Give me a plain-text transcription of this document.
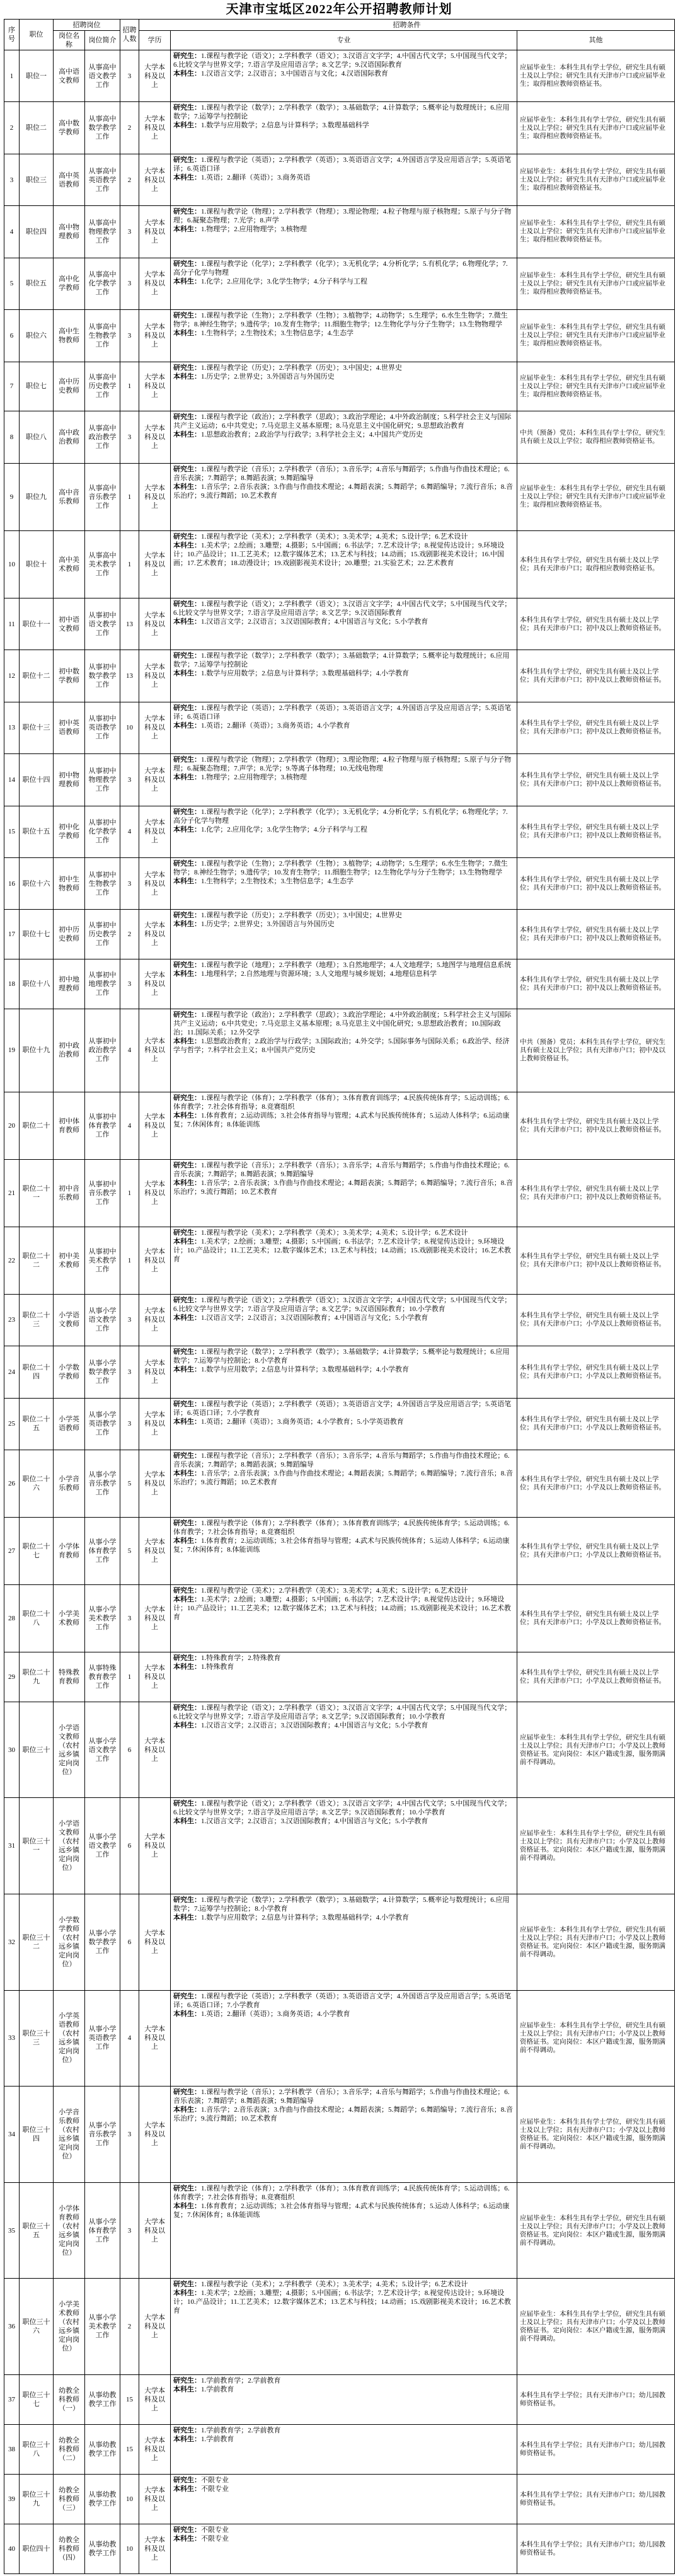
天津市宝坻区2022年公开招聘教师计划
序号	职位	招聘岗位		招聘人数	招聘条件		
		岗位名称	岗位简介		学历	专业	其他
1	职位一	高中语文教师	从事高中语文教学工作	3	大学本科及以上	研究生：1.课程与教学论（语文）；2.学科教学（语文）；3.汉语言文字学；4.中国古代文学；5.中国现当代文学；6.比较文学与世界文学；7.语言学及应用语言学；8.文艺学；9.汉语国际教育
本科生：1.汉语言文学；2.汉语言；3.中国语言与文化；4.汉语国际教育	应届毕业生：本科生具有学士学位，研究生具有硕士及以上学位；研究生具有天津市户口或应届毕业生；取得相应教师资格证书。
2	职位二	高中数学教师	从事高中数学教学工作	2	大学本科及以上	研究生：1.课程与教学论（数学）；2.学科教学（数学）；3.基础数学；4.计算数学；5.概率论与数理统计；6.应用数学；7.运筹学与控制论
本科生：1.数学与应用数学；2.信息与计算科学；3.数理基础科学	应届毕业生：本科生具有学士学位，研究生具有硕士及以上学位；研究生具有天津市户口或应届毕业生；取得相应教师资格证书。
3	职位三	高中英语教师	从事高中英语教学工作	2	大学本科及以上	研究生：1.课程与教学论（英语）；2.学科教学（英语）；3.英语语言文学；4.外国语言学及应用语言学；5.英语笔译；6.英语口译
本科生：1.英语；2.翻译（英语）；3.商务英语	应届毕业生：本科生具有学士学位，研究生具有硕士及以上学位；研究生具有天津市户口或应届毕业生；取得相应教师资格证书。
4	职位四	高中物理教师	从事高中物理教学工作	3	大学本科及以上	研究生：1.课程与教学论（物理）；2.学科教学（物理）；3.理论物理；4.粒子物理与原子核物理；5.原子与分子物理；6.凝聚态物理；7.光学；8.声学
本科生：1.物理学；2.应用物理学；3.核物理	应届毕业生：本科生具有学士学位，研究生具有硕士及以上学位；研究生具有天津市户口或应届毕业生；取得相应教师资格证书。
5	职位五	高中化学教师	从事高中化学教学工作	3	大学本科及以上	研究生：1.课程与教学论（化学）；2.学科教学（化学）；3.无机化学；4.分析化学；5.有机化学；6.物理化学；7.高分子化学与物理
本科生：1.化学；2.应用化学；3.化学生物学；4.分子科学与工程	应届毕业生：本科生具有学士学位，研究生具有硕士及以上学位；研究生具有天津市户口或应届毕业生；取得相应教师资格证书。
6	职位六	高中生物教师	从事高中生物教学工作	3	大学本科及以上	研究生：1.课程与教学论（生物）；2.学科教学（生物）；3.植物学；4.动物学；5.生理学；6.水生生物学；7.微生物学；8.神经生物学；9.遗传学；10.发育生物学；11.细胞生物学；12.生物化学与分子生物学；13.生物物理学
本科生：1.生物科学；2.生物技术；3.生物信息学；4.生态学	应届毕业生：本科生具有学士学位，研究生具有硕士及以上学位；研究生具有天津市户口或应届毕业生；取得相应教师资格证书。
7	职位七	高中历史教师	从事高中历史教学工作	1	大学本科及以上	研究生：1.课程与教学论（历史）；2.学科教学（历史）；3.中国史；4.世界史
本科生：1.历史学；2.世界史；3.外国语言与外国历史	应届毕业生：本科生具有学士学位，研究生具有硕士及以上学位；研究生具有天津市户口或应届毕业生；取得相应教师资格证书。
8	职位八	高中政治教师	从事高中政治教学工作	3	大学本科及以上	研究生：1.课程与教学论（政治）；2.学科教学（思政）；3.政治学理论；4.中外政治制度；5.科学社会主义与国际共产主义运动；6.中共党史；7.马克思主义基本原理；8.马克思主义中国化研究；9.思想政治教育
本科生：1.思想政治教育；2.政治学与行政学；3.科学社会主义；4.中国共产党历史	中共（预备）党员；本科生具有学士学位，研究生具有硕士及以上学位；取得相应教师资格证书。
9	职位九	高中音乐教师	从事高中音乐教学工作	1	大学本科及以上	研究生：1.课程与教学论（音乐）；2.学科教学（音乐）；3.音乐学；4.音乐与舞蹈学；5.作曲与作曲技术理论；6.音乐表演；7.舞蹈学；8.舞蹈表演；9.舞蹈编导
本科生：1.音乐学；2.音乐表演；3.作曲与作曲技术理论；4.舞蹈表演；5.舞蹈学；6.舞蹈编导；7.流行音乐；8.音乐治疗；9.流行舞蹈；10.艺术教育	应届毕业生：本科生具有学士学位，研究生具有硕士及以上学位；研究生具有天津市户口或应届毕业生；取得相应教师资格证书。
10	职位十	高中美术教师	从事高中美术教学工作	1	大学本科及以上	研究生：1.课程与教学论（美术）；2.学科教学（美术）；3.美术学；4.美术；5.设计学；6.艺术设计
本科生：1.美术学；2.绘画；3.雕塑；4.摄影；5.中国画；6.书法学；7.艺术设计学；8.视觉传达设计；9.环境设计；10.产品设计；11.工艺美术；12.数字媒体艺术；13.艺术与科技；14.动画；15.戏剧影视美术设计；16.中国画；17.艺术教育；18.动漫设计；19.戏剧影视美术设计；20.雕塑；21.实验艺术；22.艺术教育	本科生具有学士学位，研究生具有硕士及以上学位；具有天津市户口；取得相应教师资格证书。
11	职位十一	初中语文教师	从事初中语文教学工作	13	大学本科及以上	研究生：1.课程与教学论（语文）；2.学科教学（语文）；3.汉语言文字学；4.中国古代文学；5.中国现当代文学；6.比较文学与世界文学；7.语言学及应用语言学；8.文艺学；9.汉语国际教育
本科生：1.汉语言文学；2.汉语言；3.汉语国际教育；4.中国语言与文化；5.小学教育	本科生具有学士学位，研究生具有硕士及以上学位；具有天津市户口；初中及以上教师资格证书。
12	职位十二	初中数学教师	从事初中数学教学工作	13	大学本科及以上	研究生：1.课程与教学论（数学）；2.学科教学（数学）；3.基础数学；4.计算数学；5.概率论与数理统计；6.应用数学；7.运筹学与控制论
本科生：1.数学与应用数学；2.信息与计算科学；3.数理基础科学；4.小学教育	本科生具有学士学位，研究生具有硕士及以上学位；具有天津市户口；初中及以上教师资格证书。
13	职位十三	初中英语教师	从事初中英语教学工作	10	大学本科及以上	研究生：1.课程与教学论（英语）；2.学科教学（英语）；3.英语语言文学；4.外国语言学及应用语言学；5.英语笔译；6.英语口译
本科生：1.英语；2.翻译（英语）；3.商务英语；4.小学教育	本科生具有学士学位，研究生具有硕士及以上学位；具有天津市户口；初中及以上教师资格证书。
14	职位十四	初中物理教师	从事初中物理教学工作	3	大学本科及以上	研究生：1.课程与教学论（物理）；2.学科教学（物理）；3.理论物理；4.粒子物理与原子核物理；5.原子与分子物理；6.凝聚态物理；7.声学；8.光学；9.等离子体物理；10.无线电物理
本科生：1.物理学；2.应用物理学；3.核物理	本科生具有学士学位，研究生具有硕士及以上学位；具有天津市户口；初中及以上教师资格证书。
15	职位十五	初中化学教师	从事初中化学教学工作	4	大学本科及以上	研究生：1.课程与教学论（化学）；2.学科教学（化学）；3.无机化学；4.分析化学；5.有机化学；6.物理化学；7.高分子化学与物理
本科生：1.化学；2.应用化学；3.化学生物学；4.分子科学与工程	本科生具有学士学位，研究生具有硕士及以上学位；具有天津市户口；初中及以上教师资格证书。
16	职位十六	初中生物教师	从事初中生物教学工作	3	大学本科及以上	研究生：1.课程与教学论（生物）；2.学科教学（生物）；3.植物学；4.动物学；5.生理学；6.水生生物学；7.微生物学；8.神经生物学；9.遗传学；10.发育生物学；11.细胞生物学；12.生物化学与分子生物学；13.生物物理学
本科生：1.生物科学；2.生物技术；3.生物信息学；4.生态学	本科生具有学士学位，研究生具有硕士及以上学位；具有天津市户口；初中及以上教师资格证书。
17	职位十七	初中历史教师	从事初中历史教学工作	2	大学本科及以上	研究生：1.课程与教学论（历史）；2.学科教学（历史）；3.中国史；4.世界史
本科生：1.历史学；2.世界史；3.外国语言与外国历史	本科生具有学士学位，研究生具有硕士及以上学位；具有天津市户口；初中及以上教师资格证书。
18	职位十八	初中地理教师	从事初中地理教学工作	3	大学本科及以上	研究生：1.课程与教学论（地理）；2.学科教学（地理）；3.自然地理学；4.人文地理学；5.地图学与地理信息系统
本科生：1.地理科学；2.自然地理与资源环境；3.人文地理与城乡规划；4.地理信息科学	本科生具有学士学位，研究生具有硕士及以上学位；具有天津市户口；初中及以上教师资格证书。
19	职位十九	初中政治教师	从事初中政治教学工作	4	大学本科及以上	研究生：1.课程与教学论（政治）；2.学科教学（思政）；3.政治学理论；4.中外政治制度；5.科学社会主义与国际共产主义运动；6.中共党史；7.马克思主义基本原理；8.马克思主义中国化研究；9.思想政治教育；10.国际政治；11.国际关系；12.外交学
本科生：1.思想政治教育；2.政治学与行政学；3.国际政治；4.外交学；5.国际事务与国际关系；6.政治学、经济学与哲学；7.科学社会主义；8.中国共产党历史	中共（预备）党员；本科生具有学士学位，研究生具有硕士及以上学位；具有天津市户口；初中及以上教师资格证书。
20	职位二十	初中体育教师	从事初中体育教学工作	4	大学本科及以上	研究生：1.课程与教学论（体育）；2.学科教学（体育）；3.体育教育训练学；4.民族传统体育学；5.运动训练；6.体育教学；7.社会体育指导；8.竞赛组织
本科生：1.体育教育；2.运动训练；3.社会体育指导与管理；4.武术与民族传统体育；5.运动人体科学；6.运动康复；7.休闲体育；8.体能训练	本科生具有学士学位，研究生具有硕士及以上学位；具有天津市户口；初中及以上教师资格证书。
21	职位二十一	初中音乐教师	从事初中音乐教学工作	1	大学本科及以上	研究生：1.课程与教学论（音乐）；2.学科教学（音乐）；3.音乐学；4.音乐与舞蹈学；5.作曲与作曲技术理论；6.音乐表演；7.舞蹈学；8.舞蹈表演；9.舞蹈编导
本科生：1.音乐学；2.音乐表演；3.作曲与作曲技术理论；4.舞蹈表演；5.舞蹈学；6.舞蹈编导；7.流行音乐；8.音乐治疗；9.流行舞蹈；10.艺术教育	本科生具有学士学位，研究生具有硕士及以上学位；具有天津市户口；初中及以上教师资格证书。
22	职位二十二	初中美术教师	从事初中美术教学工作	1	大学本科及以上	研究生：1.课程与教学论（美术）；2.学科教学（美术）；3.美术学；4.美术；5.设计学；6.艺术设计
本科生：1.美术学；2.绘画；3.雕塑；4.摄影；5.中国画；6.书法学；7.艺术设计学；8.视觉传达设计；9.环境设计；10.产品设计；11.工艺美术；12.数字媒体艺术；13.艺术与科技；14.动画；15.戏剧影视美术设计；16.艺术教育	本科生具有学士学位，研究生具有硕士及以上学位；具有天津市户口；初中及以上教师资格证书。
23	职位二十三	小学语文教师	从事小学语文教学工作	3	大学本科及以上	研究生：1.课程与教学论（语文）；2.学科教学（语文）；3.汉语言文字学；4.中国古代文学；5.中国现当代文学；6.比较文学与世界文学；7.语言学及应用语言学；8.文艺学；9.汉语国际教育；10.小学教育
本科生：1.汉语言文学；2.汉语言；3.汉语国际教育；4.中国语言与文化；5.小学教育	本科生具有学士学位，研究生具有硕士及以上学位；具有天津市户口；小学及以上教师资格证书。
24	职位二十四	小学数学教师	从事小学数学教学工作	3	大学本科及以上	研究生：1.课程与教学论（数学）；2.学科教学（数学）；3.基础数学；4.计算数学；5.概率论与数理统计；6.应用数学；7.运筹学与控制论；8.小学教育
本科生：1.数学与应用数学；2.信息与计算科学；3.数理基础科学；4.小学教育	本科生具有学士学位，研究生具有硕士及以上学位；具有天津市户口；小学及以上教师资格证书。
25	职位二十五	小学英语教师	从事小学英语教学工作	3	大学本科及以上	研究生：1.课程与教学论（英语）；2.学科教学（英语）；3.英语语言文学；4.外国语言学及应用语言学；5.英语笔译；6.英语口译；7.小学教育
本科生：1.英语；2.翻译（英语）；3.商务英语；4.小学教育；5.小学英语教育	本科生具有学士学位，研究生具有硕士及以上学位；具有天津市户口；小学及以上教师资格证书。
26	职位二十六	小学音乐教师	从事小学音乐教学工作	5	大学本科及以上	研究生：1.课程与教学论（音乐）；2.学科教学（音乐）；3.音乐学；4.音乐与舞蹈学；5.作曲与作曲技术理论；6.音乐表演；7.舞蹈学；8.舞蹈表演；9.舞蹈编导
本科生：1.音乐学；2.音乐表演；3.作曲与作曲技术理论；4.舞蹈表演；5.舞蹈学；6.舞蹈编导；7.流行音乐；8.音乐治疗；9.流行舞蹈；10.艺术教育	本科生具有学士学位，研究生具有硕士及以上学位；具有天津市户口；小学及以上教师资格证书。
27	职位二十七	小学体育教师	从事小学体育教学工作	5	大学本科及以上	研究生：1.课程与教学论（体育）；2.学科教学（体育）；3.体育教育训练学；4.民族传统体育学；5.运动训练；6.体育教学；7.社会体育指导；8.竞赛组织
本科生：1.体育教育；2.运动训练；3.社会体育指导与管理；4.武术与民族传统体育；5.运动人体科学；6.运动康复；7.休闲体育；8.体能训练	本科生具有学士学位，研究生具有硕士及以上学位；具有天津市户口；小学及以上教师资格证书。
28	职位二十八	小学美术教师	从事小学美术教学工作	3	大学本科及以上	研究生：1.课程与教学论（美术）；2.学科教学（美术）；3.美术学；4.美术；5.设计学；6.艺术设计
本科生：1.美术学；2.绘画；3.雕塑；4.摄影；5.中国画；6.书法学；7.艺术设计学；8.视觉传达设计；9.环境设计；10.产品设计；11.工艺美术；12.数字媒体艺术；13.艺术与科技；14.动画；15.戏剧影视美术设计；16.艺术教育	本科生具有学士学位，研究生具有硕士及以上学位；具有天津市户口；小学及以上教师资格证书。
29	职位二十九	特殊教育教师	从事特殊教育教学工作	1	大学本科及以上	研究生：1.特殊教育学；2.特殊教育
本科生：1.特殊教育	本科生具有学士学位，研究生具有硕士及以上学位；具有天津市户口；小学及以上教师资格证书。
30	职位三十	小学语文教师（农村远乡镇定向岗位）	从事小学语文教学工作	6	大学本科及以上	研究生：1.课程与教学论（语文）；2.学科教学（语文）；3.汉语言文字学；4.中国古代文学；5.中国现当代文学；6.比较文学与世界文学；7.语言学及应用语言学；8.文艺学；9.汉语国际教育；10.小学教育
本科生：1.汉语言文学；2.汉语言；3.汉语国际教育；4.中国语言与文化；5.小学教育	应届毕业生：本科生具有学士学位，研究生具有硕士及以上学位；具有天津市户口；小学及以上教师资格证书。定向岗位：本区户籍或生源，服务期满前不得调动。
31	职位三十一	小学语文教师（农村远乡镇定向岗位）	从事小学语文教学工作	6	大学本科及以上	研究生：1.课程与教学论（语文）；2.学科教学（语文）；3.汉语言文字学；4.中国古代文学；5.中国现当代文学；6.比较文学与世界文学；7.语言学及应用语言学；8.文艺学；9.汉语国际教育；10.小学教育
本科生：1.汉语言文学；2.汉语言；3.汉语国际教育；4.中国语言与文化；5.小学教育	应届毕业生：本科生具有学士学位，研究生具有硕士及以上学位；具有天津市户口；小学及以上教师资格证书。定向岗位：本区户籍或生源，服务期满前不得调动。
32	职位三十二	小学数学教师（农村远乡镇定向岗位）	从事小学数学教学工作	6	大学本科及以上	研究生：1.课程与教学论（数学）；2.学科教学（数学）；3.基础数学；4.计算数学；5.概率论与数理统计；6.应用数学；7.运筹学与控制论；8.小学教育
本科生：1.数学与应用数学；2.信息与计算科学；3.数理基础科学；4.小学教育	应届毕业生：本科生具有学士学位，研究生具有硕士及以上学位；具有天津市户口；小学及以上教师资格证书。定向岗位：本区户籍或生源，服务期满前不得调动。
33	职位三十三	小学英语教师（农村远乡镇定向岗位）	从事小学英语教学工作	4	大学本科及以上	研究生：1.课程与教学论（英语）；2.学科教学（英语）；3.英语语言文学；4.外国语言学及应用语言学；5.英语笔译；6.英语口译；7.小学教育
本科生：1.英语；2.翻译（英语）；3.商务英语；4.小学教育	应届毕业生：本科生具有学士学位，研究生具有硕士及以上学位；具有天津市户口；小学及以上教师资格证书。定向岗位：本区户籍或生源，服务期满前不得调动。
34	职位三十四	小学音乐教师（农村远乡镇定向岗位）	从事小学音乐教学工作	3	大学本科及以上	研究生：1.课程与教学论（音乐）；2.学科教学（音乐）；3.音乐学；4.音乐与舞蹈学；5.作曲与作曲技术理论；6.音乐表演；7.舞蹈学；8.舞蹈表演；9.舞蹈编导
本科生：1.音乐学；2.音乐表演；3.作曲与作曲技术理论；4.舞蹈表演；5.舞蹈学；6.舞蹈编导；7.流行音乐；8.音乐治疗；9.流行舞蹈；10.艺术教育	应届毕业生：本科生具有学士学位，研究生具有硕士及以上学位；具有天津市户口；小学及以上教师资格证书。定向岗位：本区户籍或生源，服务期满前不得调动。
35	职位三十五	小学体育教师（农村远乡镇定向岗位）	从事小学体育教学工作	3	大学本科及以上	研究生：1.课程与教学论（体育）；2.学科教学（体育）；3.体育教育训练学；4.民族传统体育学；5.运动训练；6.体育教学；7.社会体育指导；8.竞赛组织
本科生：1.体育教育；2.运动训练；3.社会体育指导与管理；4.武术与民族传统体育；5.运动人体科学；6.运动康复；7.休闲体育；8.体能训练	应届毕业生：本科生具有学士学位，研究生具有硕士及以上学位；具有天津市户口；小学及以上教师资格证书。定向岗位：本区户籍或生源，服务期满前不得调动。
36	职位三十六	小学美术教师（农村远乡镇定向岗位）	从事小学美术教学工作	2	大学本科及以上	研究生：1.课程与教学论（美术）；2.学科教学（美术）；3.美术学；4.美术；5.设计学；6.艺术设计
本科生：1.美术学；2.绘画；3.雕塑；4.摄影；5.中国画；6.书法学；7.艺术设计学；8.视觉传达设计；9.环境设计；10.产品设计；11.工艺美术；12.数字媒体艺术；13.艺术与科技；14.动画；15.戏剧影视美术设计；16.艺术教育	应届毕业生：本科生具有学士学位，研究生具有硕士及以上学位；具有天津市户口；小学及以上教师资格证书。定向岗位：本区户籍或生源，服务期满前不得调动。
37	职位三十七	幼教全科教师（一）	从事幼教教学工作	15	大学本科及以上	研究生：1.学前教育学；2.学前教育
本科生：1.学前教育	本科生具有学士学位；具有天津市户口；幼儿园教师资格证书。
38	职位三十八	幼教全科教师（二）	从事幼教教学工作	15	大学本科及以上	研究生：1.学前教育学；2.学前教育
本科生：1.学前教育	本科生具有学士学位；具有天津市户口；幼儿园教师资格证书。
39	职位三十九	幼教全科教师（三）	从事幼教教学工作	10	大学本科及以上	研究生：不限专业
本科生：不限专业	本科生具有学士学位；具有天津市户口；幼儿园教师资格证书。
40	职位四十	幼教全科教师（四）	从事幼教教学工作	10	大学本科及以上	研究生：不限专业
本科生：不限专业	本科生具有学士学位；具有天津市户口；幼儿园教师资格证书。
